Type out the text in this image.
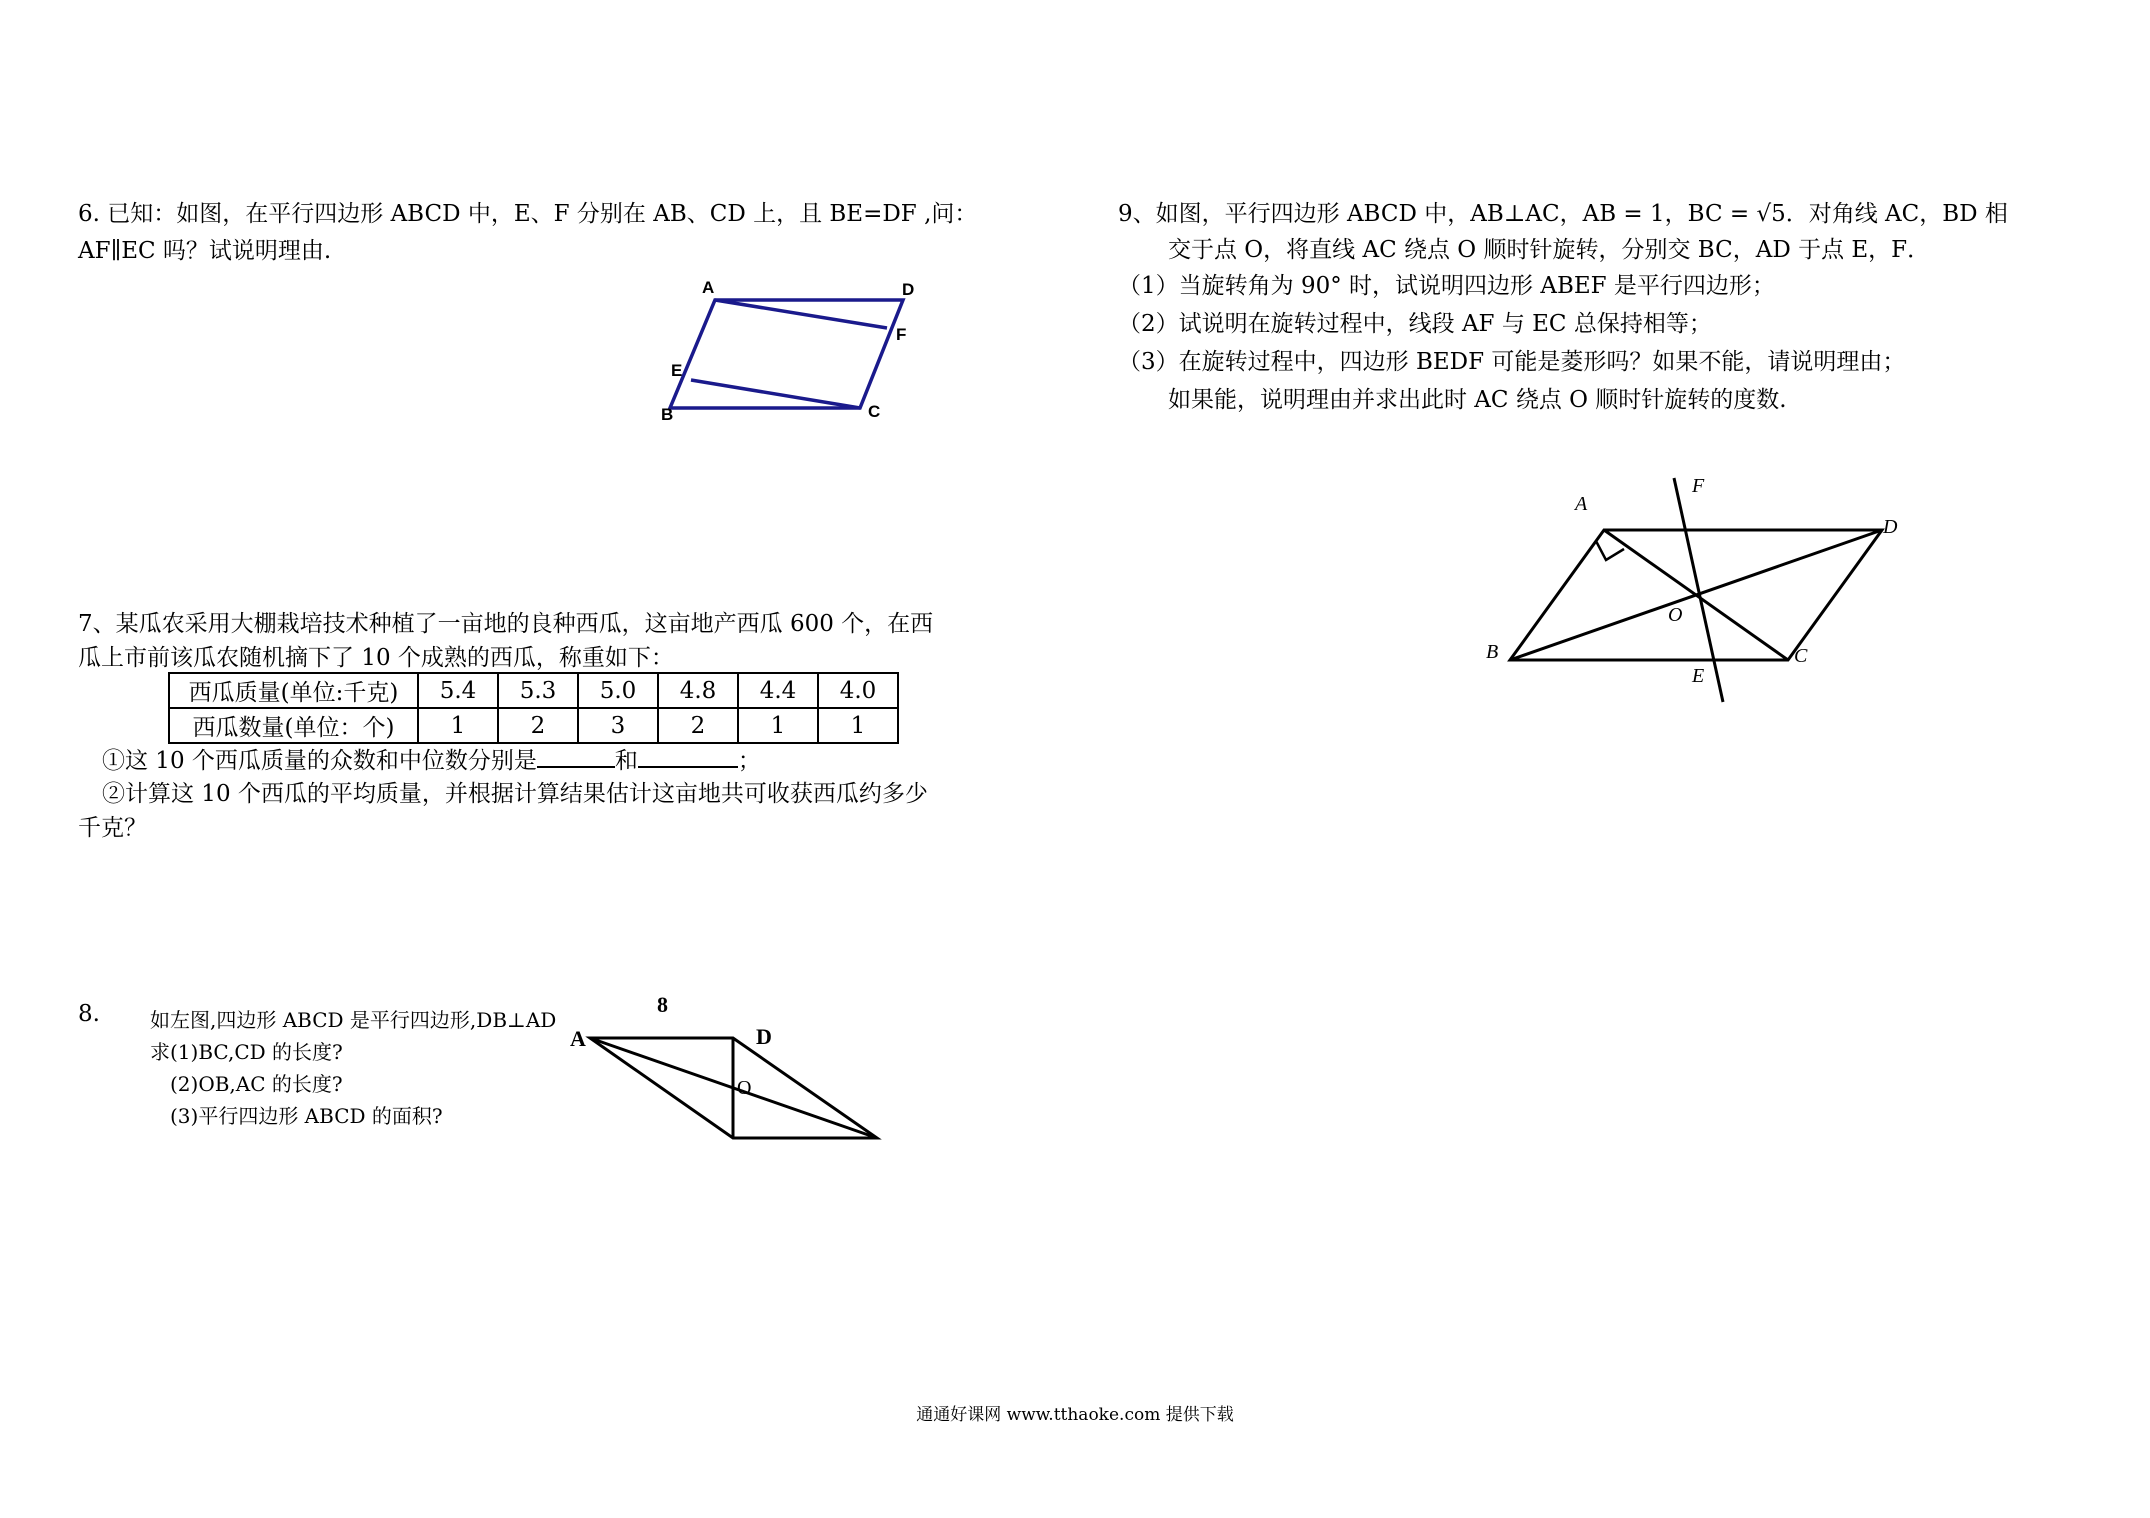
6. 已知：如图，在平行四边形 ABCD 中，E、F 分别在 AB、CD 上，且 BE=DF ,问：
AF∥EC 吗？试说明理由.
A	D
F
E
B	C
7、某瓜农采用大棚栽培技术种植了一亩地的良种西瓜，这亩地产西瓜 600 个，在西
瓜上市前该瓜农随机摘下了 10 个成熟的西瓜，称重如下：
西瓜质量(单位:千克)	5.4	5.3	5.0	4.8	4.4	4.0
西瓜数量(单位：个)	1	2	3	2	1	1
①这 10 个西瓜质量的众数和中位数分别是	和	；
②计算这 10 个西瓜的平均质量，并根据计算结果估计这亩地共可收获西瓜约多少
千克？
8.	如左图,四边形 ABCD 是平行四边形,DB⊥AD
求(1)BC,CD 的长度?
(2)OB,AC 的长度?
(3)平行四边形 ABCD 的面积?
8
A	D
O
9、如图，平行四边形 ABCD 中，AB⊥AC，AB = 1，BC = √5．对角线 AC，BD 相
交于点 O，将直线 AC 绕点 O 顺时针旋转，分别交 BC，AD 于点 E，F．
（1）当旋转角为 90° 时，试说明四边形 ABEF 是平行四边形；
（2）试说明在旋转过程中，线段 AF 与 EC 总保持相等；
（3）在旋转过程中，四边形 BEDF 可能是菱形吗？如果不能，请说明理由；
如果能，说明理由并求出此时 AC 绕点 O 顺时针旋转的度数.
A
F
D
O
B
E
C
通通好课网 www.tthaoke.com 提供下载
